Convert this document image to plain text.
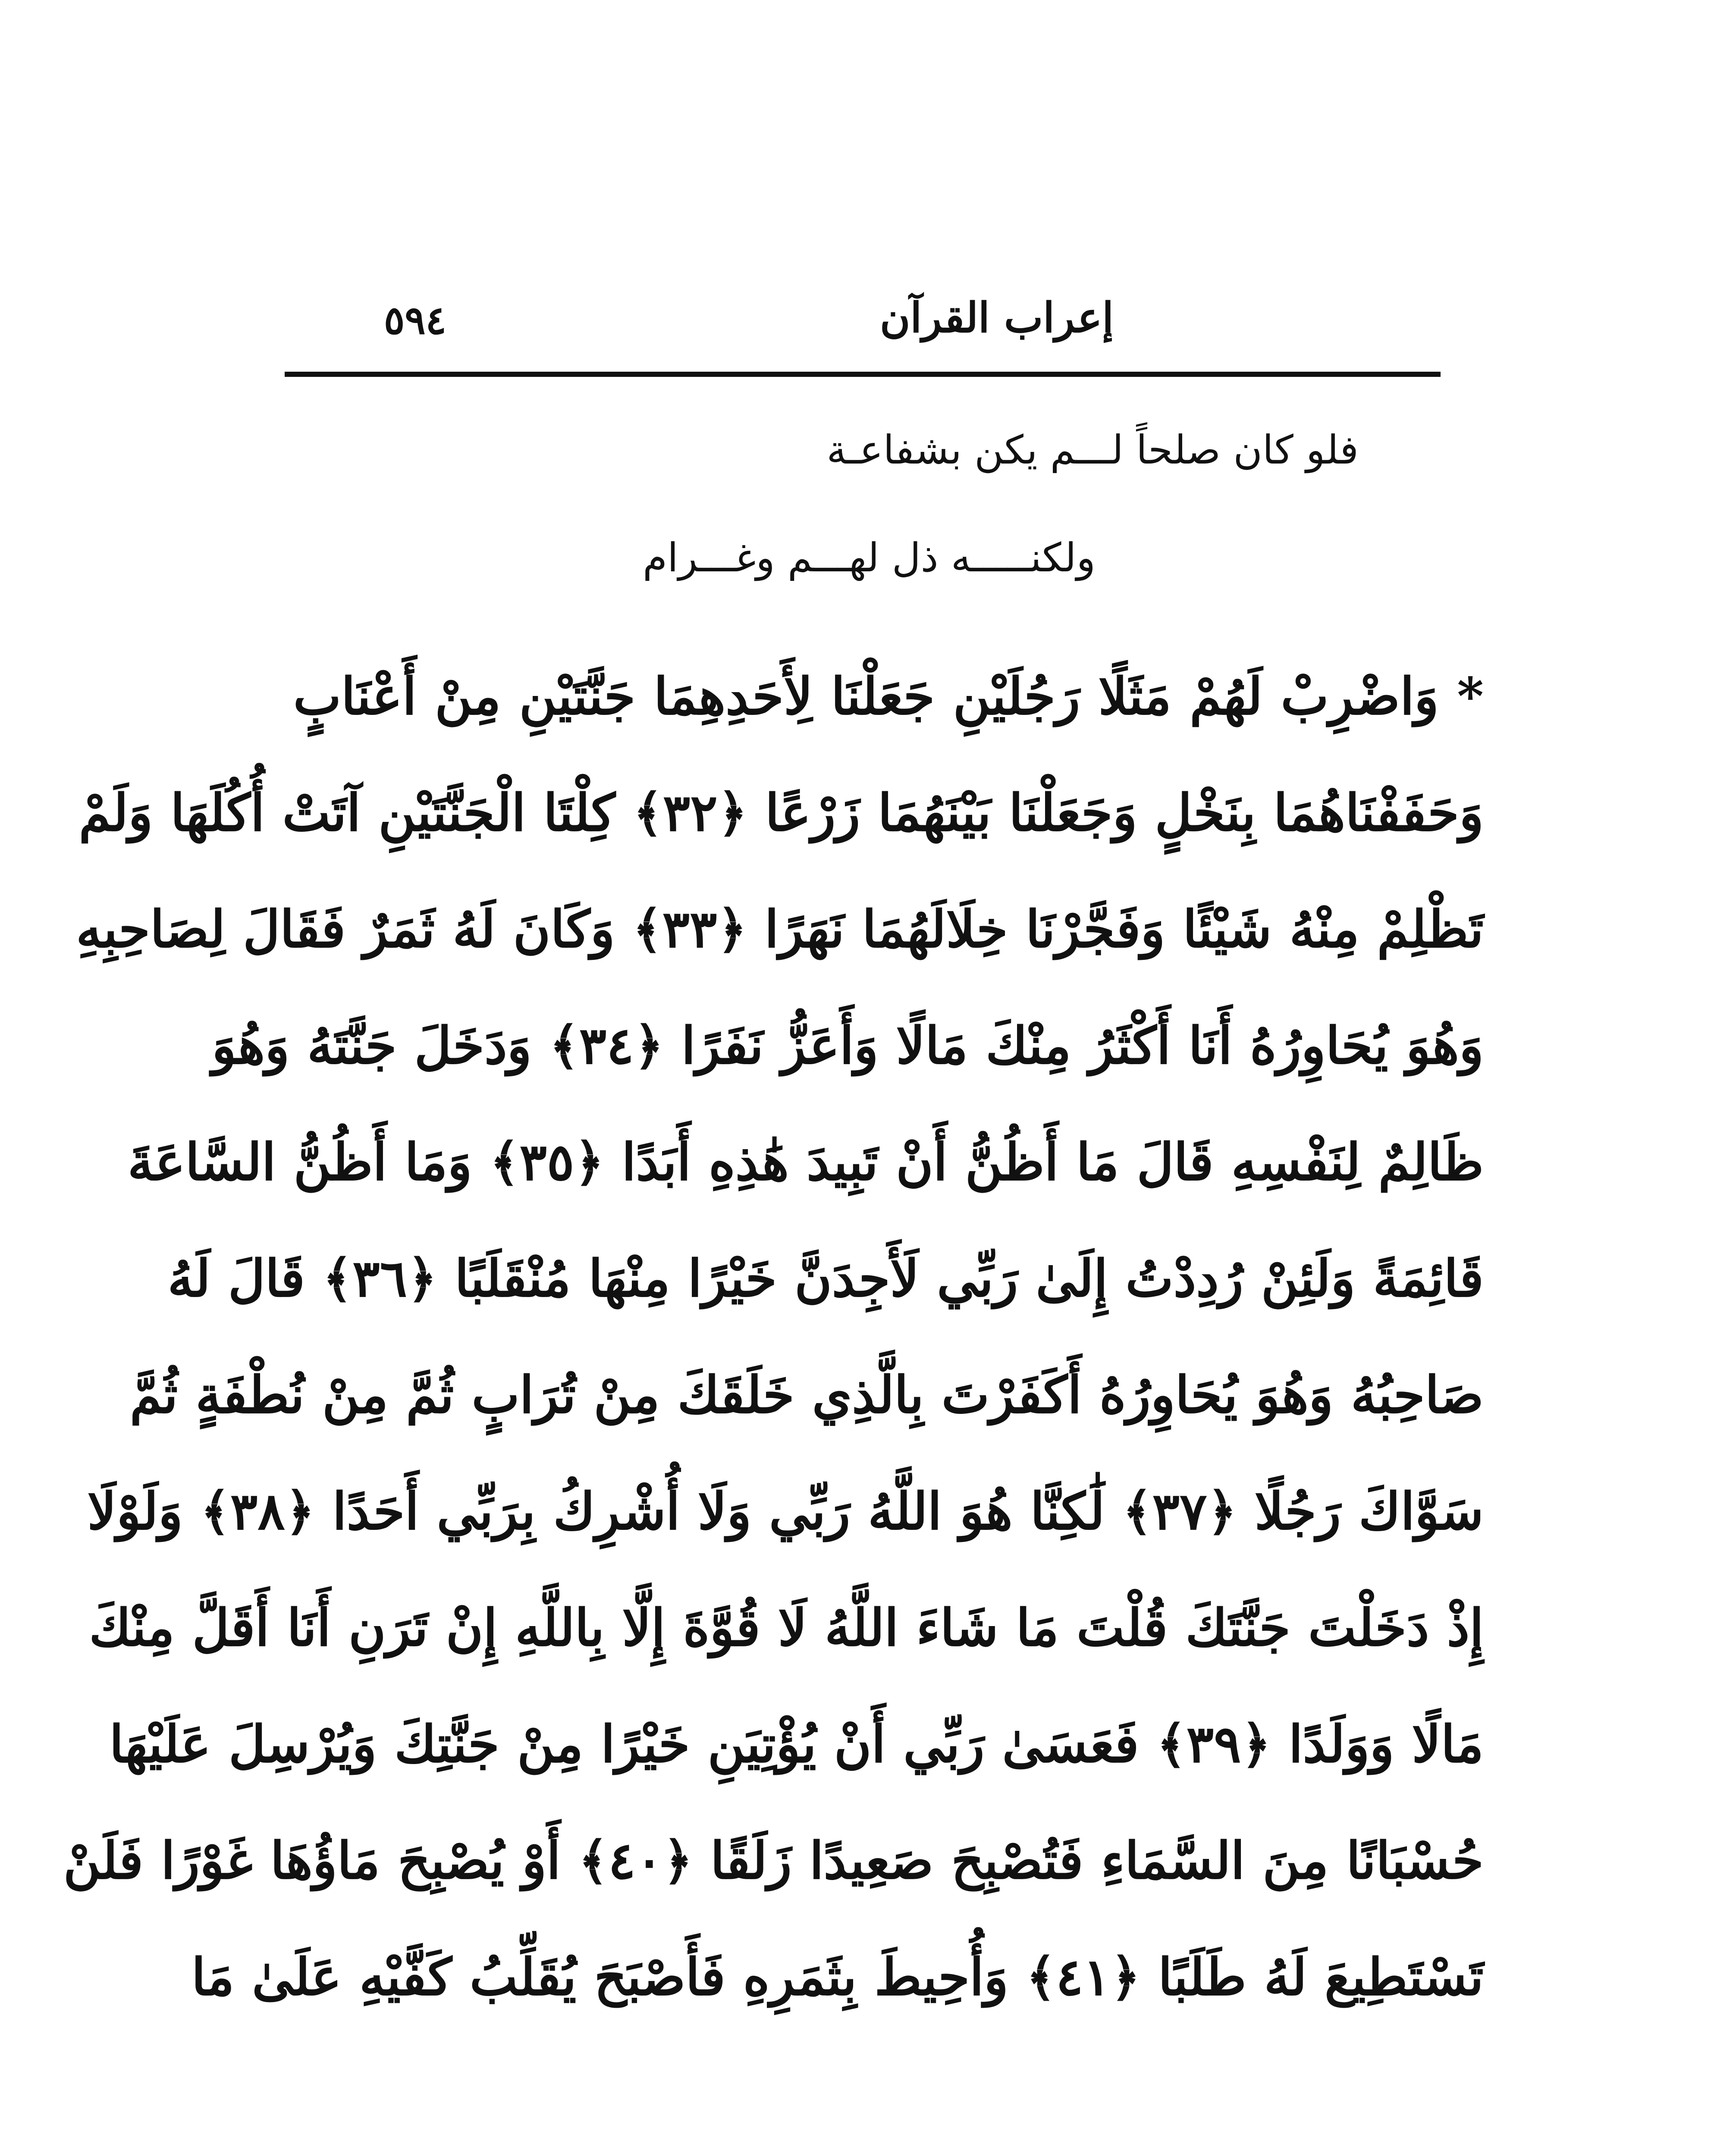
٥٩٤	إعراب القرآن
فلو كان صلحاً لـــم يكن بشفاعـة
ولكنـــــه ذل لهـــم وغـــرام
* وَاضْرِبْ لَهُمْ مَثَلًا رَجُلَيْنِ جَعَلْنَا لِأَحَدِهِمَا جَنَّتَيْنِ مِنْ أَعْنَابٍ
وَحَفَفْنَاهُمَا بِنَخْلٍ وَجَعَلْنَا بَيْنَهُمَا زَرْعًا ﴿٣٢﴾ كِلْتَا الْجَنَّتَيْنِ آتَتْ أُكُلَهَا وَلَمْ
تَظْلِمْ مِنْهُ شَيْئًا وَفَجَّرْنَا خِلَالَهُمَا نَهَرًا ﴿٣٣﴾ وَكَانَ لَهُ ثَمَرٌ فَقَالَ لِصَاحِبِهِ
وَهُوَ يُحَاوِرُهُ أَنَا أَكْثَرُ مِنْكَ مَالًا وَأَعَزُّ نَفَرًا ﴿٣٤﴾ وَدَخَلَ جَنَّتَهُ وَهُوَ
ظَالِمٌ لِنَفْسِهِ قَالَ مَا أَظُنُّ أَنْ تَبِيدَ هَٰذِهِ أَبَدًا ﴿٣٥﴾ وَمَا أَظُنُّ السَّاعَةَ
قَائِمَةً وَلَئِنْ رُدِدْتُ إِلَىٰ رَبِّي لَأَجِدَنَّ خَيْرًا مِنْهَا مُنْقَلَبًا ﴿٣٦﴾ قَالَ لَهُ
صَاحِبُهُ وَهُوَ يُحَاوِرُهُ أَكَفَرْتَ بِالَّذِي خَلَقَكَ مِنْ تُرَابٍ ثُمَّ مِنْ نُطْفَةٍ ثُمَّ
سَوَّاكَ رَجُلًا ﴿٣٧﴾ لَٰكِنَّا هُوَ اللَّهُ رَبِّي وَلَا أُشْرِكُ بِرَبِّي أَحَدًا ﴿٣٨﴾ وَلَوْلَا
إِذْ دَخَلْتَ جَنَّتَكَ قُلْتَ مَا شَاءَ اللَّهُ لَا قُوَّةَ إِلَّا بِاللَّهِ إِنْ تَرَنِ أَنَا أَقَلَّ مِنْكَ
مَالًا وَوَلَدًا ﴿٣٩﴾ فَعَسَىٰ رَبِّي أَنْ يُؤْتِيَنِ خَيْرًا مِنْ جَنَّتِكَ وَيُرْسِلَ عَلَيْهَا
حُسْبَانًا مِنَ السَّمَاءِ فَتُصْبِحَ صَعِيدًا زَلَقًا ﴿٤٠﴾ أَوْ يُصْبِحَ مَاؤُهَا غَوْرًا فَلَنْ
تَسْتَطِيعَ لَهُ طَلَبًا ﴿٤١﴾ وَأُحِيطَ بِثَمَرِهِ فَأَصْبَحَ يُقَلِّبُ كَفَّيْهِ عَلَىٰ مَا
